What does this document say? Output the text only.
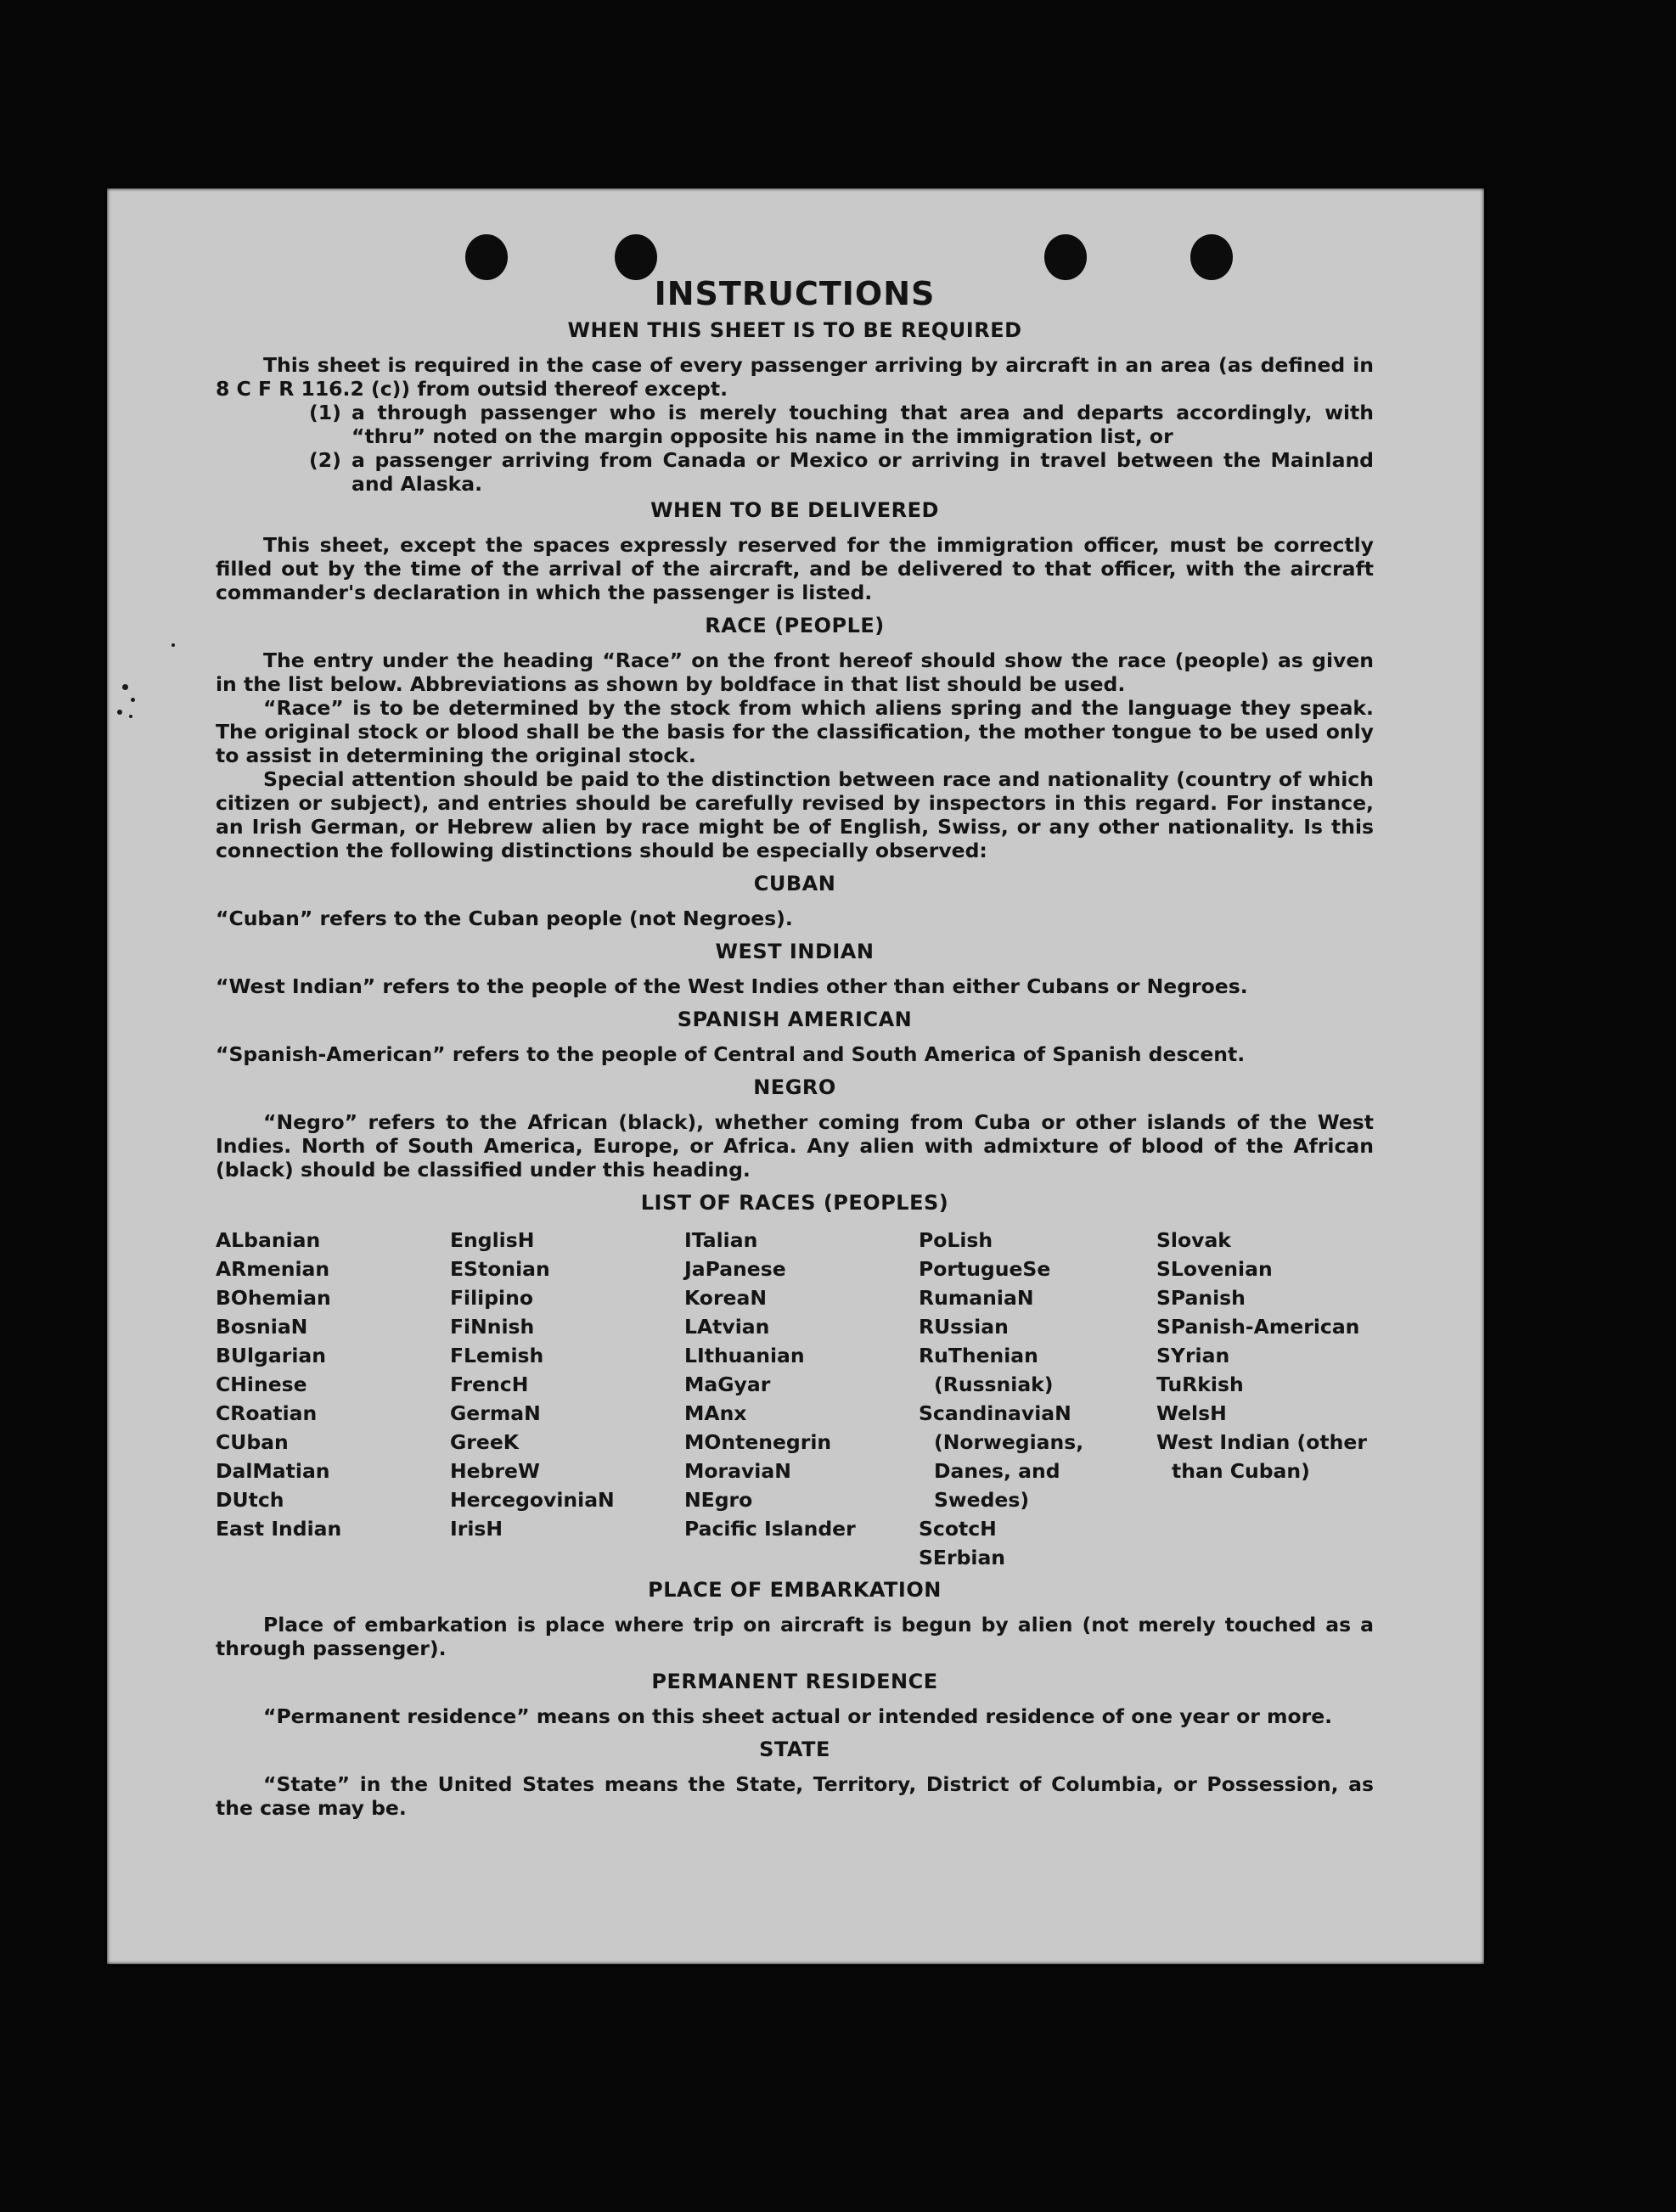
INSTRUCTIONS
WHEN THIS SHEET IS TO BE REQUIRED

This sheet is required in the case of every passenger arriving by aircraft in an area (as defined in 8 C F R 116.2 (c)) from outsid thereof except.

(1) a through passenger who is merely touching that area and departs accordingly, with “thru” noted on the margin opposite his name in the immigration list, or
(2) a passenger arriving from Canada or Mexico or arriving in travel between the Mainland and Alaska.
WHEN TO BE DELIVERED

This sheet, except the spaces expressly reserved for the immigration officer, must be correctly filled out by the time of the arrival of the aircraft, and be delivered to that officer, with the aircraft commander's declaration in which the passenger is listed.

RACE (PEOPLE)

The entry under the heading “Race” on the front hereof should show the race (people) as given in the list below. Abbreviations as shown by boldface in that list should be used.

“Race” is to be determined by the stock from which aliens spring and the language they speak. The original stock or blood shall be the basis for the classification, the mother tongue to be used only to assist in determining the original stock.

Special attention should be paid to the distinction between race and nationality (country of which citizen or subject), and entries should be carefully revised by inspectors in this regard. For instance, an Irish German, or Hebrew alien by race might be of English, Swiss, or any other nationality. Is this connection the following distinctions should be especially observed:

CUBAN

“Cuban” refers to the Cuban people (not Negroes).

WEST INDIAN

“West Indian” refers to the people of the West Indies other than either Cubans or Negroes.

SPANISH AMERICAN

“Spanish-American” refers to the people of Central and South America of Spanish descent.

NEGRO

“Negro” refers to the African (black), whether coming from Cuba or other islands of the West Indies. North of South America, Europe, or Africa. Any alien with admixture of blood of the African (black) should be classified under this heading.

LIST OF RACES (PEOPLES)
ALbanian
ARmenian
BOhemian
BosniaN
BUlgarian
CHinese
CRoatian
CUban
DalMatian
DUtch
East Indian
EnglisH
EStonian
Filipino
FiNnish
FLemish
FrencH
GermaN
GreeK
HebreW
HercegoviniaN
IrisH
ITalian
JaPanese
KoreaN
LAtvian
LIthuanian
MaGyar
MAnx
MOntenegrin
MoraviaN
NEgro
Pacific Islander
PoLish
PortugueSe
RumaniaN
RUssian
RuThenian (Russniak)
ScandinaviaN (Norwegians, Danes, and Swedes)
ScotcH
SErbian
Slovak
SLovenian
SPanish
SPanish-American
SYrian
TuRkish
WelsH
West Indian (other than Cuban)
PLACE OF EMBARKATION

Place of embarkation is place where trip on aircraft is begun by alien (not merely touched as a through passenger).

PERMANENT RESIDENCE

“Permanent residence” means on this sheet actual or intended residence of one year or more.

STATE

“State” in the United States means the State, Territory, District of Columbia, or Possession, as the case may be.
